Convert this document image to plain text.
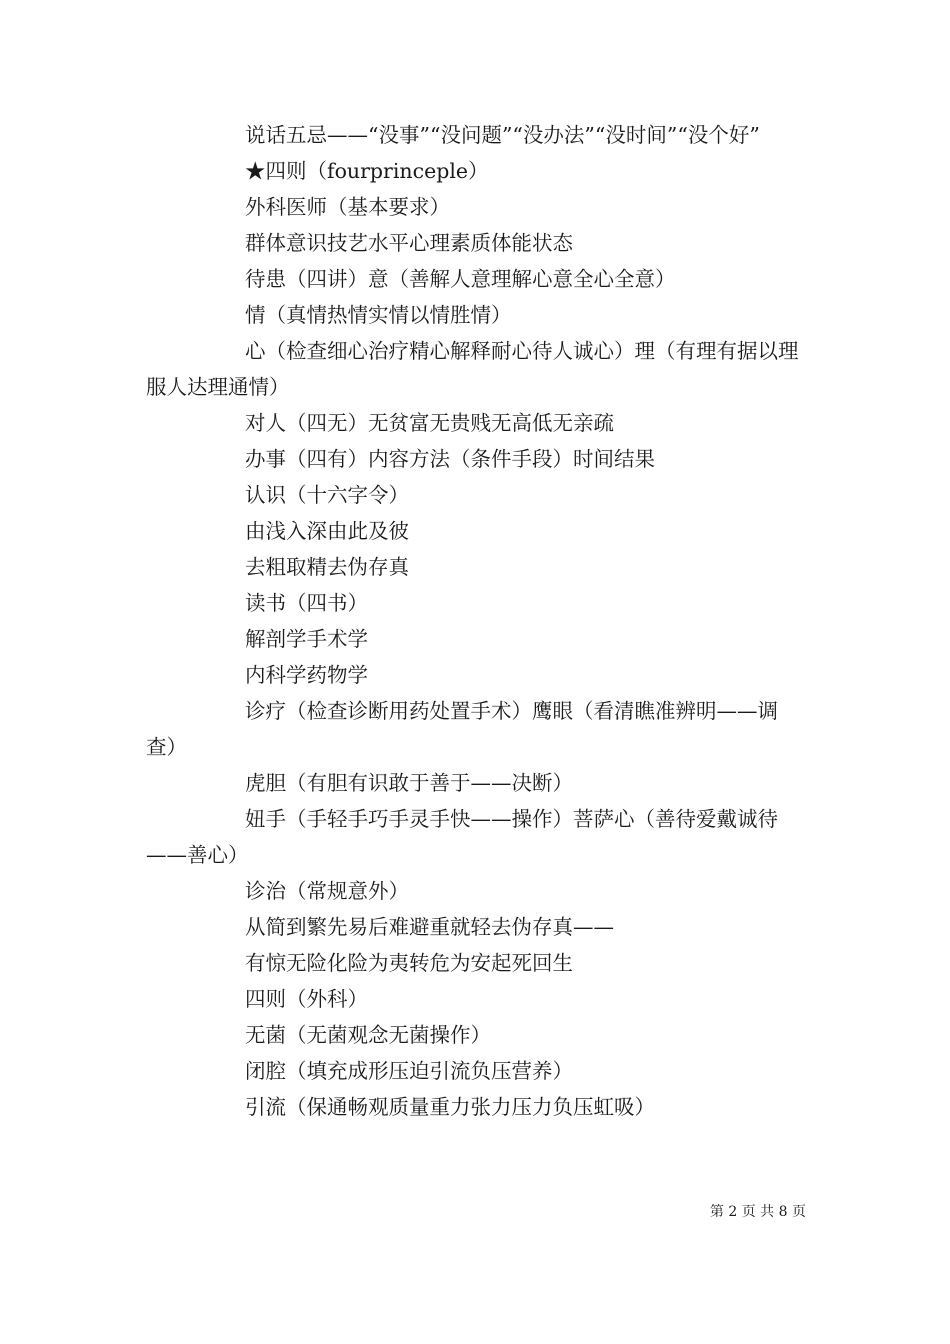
说话五忌——“没事”“没问题”“没办法”“没时间”“没个好”

★四则（fourprinceple）

外科医师（基本要求）

群体意识技艺水平心理素质体能状态

待患（四讲）意（善解人意理解心意全心全意）

情（真情热情实情以情胜情）

心（检查细心治疗精心解释耐心待人诚心）理（有理有据以理服人达理通情）

对人（四无）无贫富无贵贱无高低无亲疏

办事（四有）内容方法（条件手段）时间结果

认识（十六字令）

由浅入深由此及彼

去粗取精去伪存真

读书（四书）

解剖学手术学

内科学药物学

诊疗（检查诊断用药处置手术）鹰眼（看清瞧准辨明——调查）

虎胆（有胆有识敢于善于——决断）

妞手（手轻手巧手灵手快——操作）菩萨心（善待爱戴诚待——善心）

诊治（常规意外）

从简到繁先易后难避重就轻去伪存真——

有惊无险化险为夷转危为安起死回生

四则（外科）

无菌（无菌观念无菌操作）

闭腔（填充成形压迫引流负压营养）

引流（保通畅观质量重力张力压力负压虹吸）

第 2 页 共 8 页
